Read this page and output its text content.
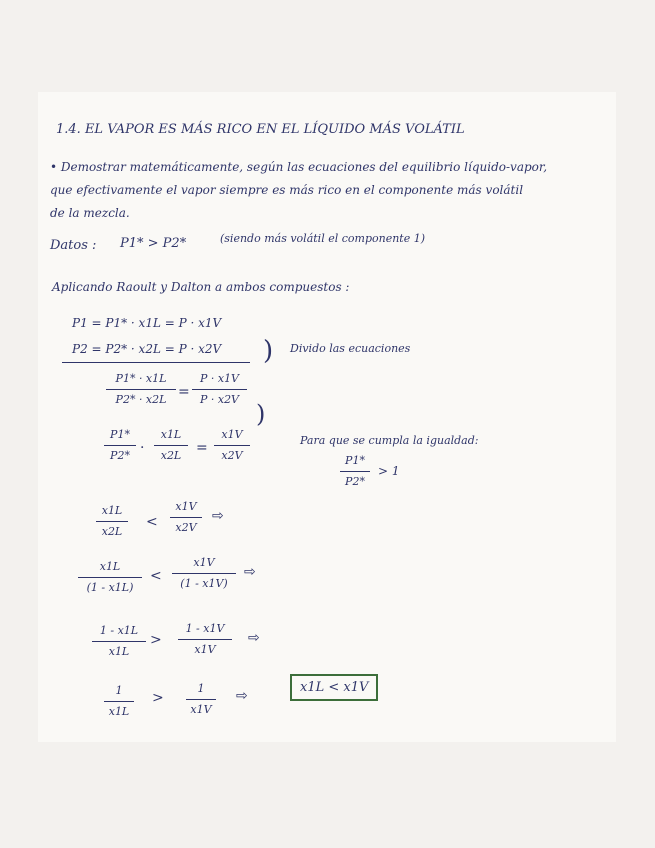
1.4. EL VAPOR ES MÁS RICO EN EL LÍQUIDO MÁS VOLÁTIL
• Demostrar matemáticamente, según las ecuaciones del equilibrio líquido-vapor,
que efectivamente el vapor siempre es más rico en el componente más volátil
de la mezcla.
Datos : P1* > P2*	(siendo más volátil el componente 1)
Aplicando Raoult y Dalton a ambos compuestos :
P1 = P1* · x1L = P · x1V
P2 = P2* · x2L = P · x2V ) Divido las ecuaciones
P1* · x1L
P2* · x2L =
P · x1V
P · x2V
)
P1*
P2* ·
x1L
x2L	=
x1V
x2V
Para que se cumpla la igualdad:
P1*
P2*
> 1
x1L
x2L
<
x1V
x2V
⇨
x1L
(1 - x1L)
<
x1V
(1 - x1V)
⇨
1 - x1L
x1L
>
1 - x1V
x1V
⇨
1
x1L
>
1
x1V
⇨
x1L < x1V
